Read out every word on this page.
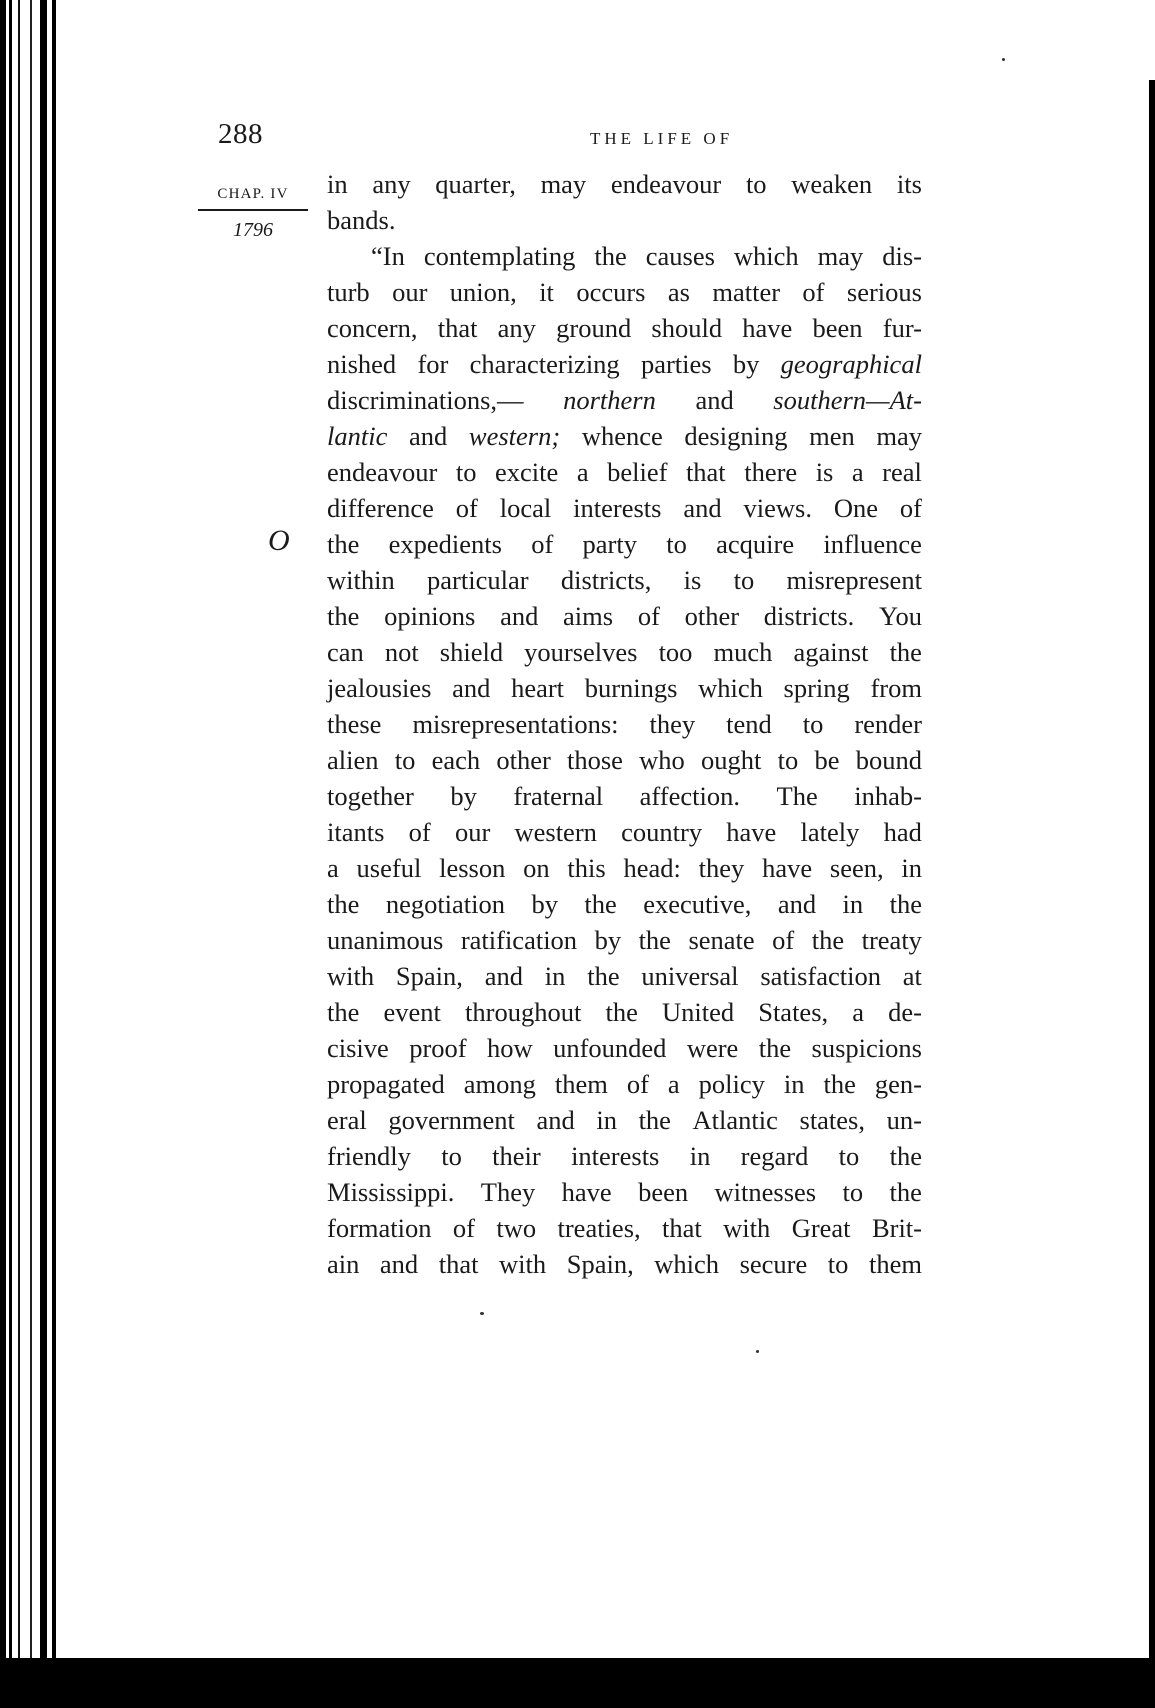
288	THE LIFE OF
CHAP. IV
1796
O
in any quarter, may endeavour to weaken its
bands.
“In contemplating the causes which may dis-
turb our union, it occurs as matter of serious
concern, that any ground should have been fur-
nished for characterizing parties by geographical
discriminations,— northern and southern—At-
lantic and western; whence designing men may
endeavour to excite a belief that there is a real
difference of local interests and views. One of
the expedients of party to acquire influence
within particular districts, is to misrepresent
the opinions and aims of other districts. You
can not shield yourselves too much against the
jealousies and heart burnings which spring from
these misrepresentations: they tend to render
alien to each other those who ought to be bound
together by fraternal affection. The inhab-
itants of our western country have lately had
a useful lesson on this head: they have seen, in
the negotiation by the executive, and in the
unanimous ratification by the senate of the treaty
with Spain, and in the universal satisfaction at
the event throughout the United States, a de-
cisive proof how unfounded were the suspicions
propagated among them of a policy in the gen-
eral government and in the Atlantic states, un-
friendly to their interests in regard to the
Mississippi. They have been witnesses to the
formation of two treaties, that with Great Brit-
ain and that with Spain, which secure to them
